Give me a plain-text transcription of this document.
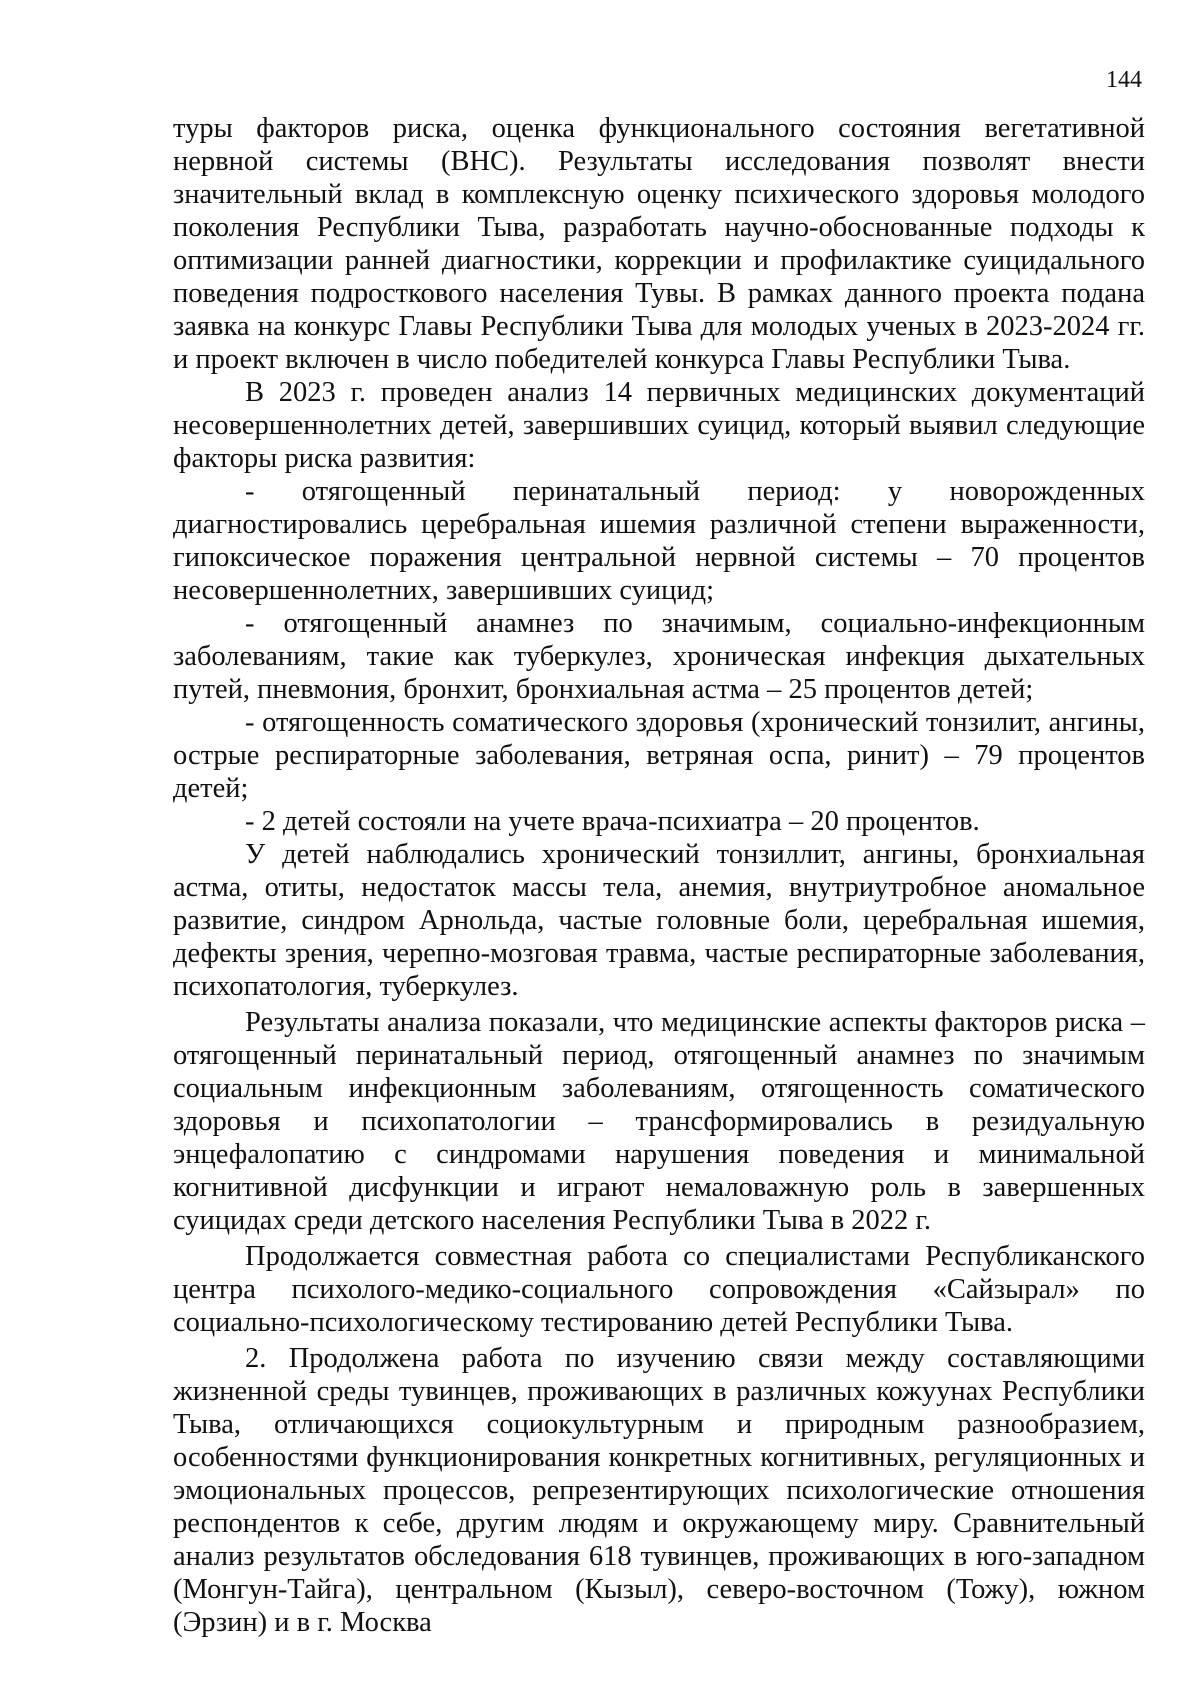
144

туры факторов риска, оценка функционального состояния вегетативной нервной системы (ВНС). Результаты исследования позволят внести значительный вклад в комплексную оценку психического здоровья молодого поколения Республики Тыва, разработать научно-обоснованные подходы к оптимизации ранней диагностики, коррекции и профилактике суицидального поведения подросткового населения Тувы. В рамках данного проекта подана заявка на конкурс Главы Республики Тыва для молодых ученых в 2023-2024 гг. и проект включен в число победителей конкурса Главы Республики Тыва.

В 2023 г. проведен анализ 14 первичных медицинских документаций несовершеннолетних детей, завершивших суицид, который выявил следующие факторы риска развития:

- отягощенный перинатальный период: у новорожденных диагностировались церебральная ишемия различной степени выраженности, гипоксическое поражения центральной нервной системы – 70 процентов несовершеннолетних, завершивших суицид;

- отягощенный анамнез по значимым, социально-инфекционным заболеваниям, такие как туберкулез, хроническая инфекция дыхательных путей, пневмония, бронхит, бронхиальная астма – 25 процентов детей;

- отягощенность соматического здоровья (хронический тонзилит, ангины, острые респираторные заболевания, ветряная оспа, ринит) – 79 процентов детей;

- 2 детей состояли на учете врача-психиатра – 20 процентов.

У детей наблюдались хронический тонзиллит, ангины, бронхиальная астма, отиты, недостаток массы тела, анемия, внутриутробное аномальное развитие, синдром Арнольда, частые головные боли, церебральная ишемия, дефекты зрения, черепно-мозговая травма, частые респираторные заболевания, психопатология, туберкулез.

Результаты анализа показали, что медицинские аспекты факторов риска – отягощенный перинатальный период, отягощенный анамнез по значимым социальным инфекционным заболеваниям, отягощенность соматического здоровья и психопатологии – трансформировались в резидуальную энцефалопатию с синдромами нарушения поведения и минимальной когнитивной дисфункции и играют немаловажную роль в завершенных суицидах среди детского населения Республики Тыва в 2022 г.

Продолжается совместная работа со специалистами Республиканского центра психолого-медико-социального сопровождения «Сайзырал» по социально-психологическому тестированию детей Республики Тыва.

2. Продолжена работа по изучению связи между составляющими жизненной среды тувинцев, проживающих в различных кожуунах Республики Тыва, отличающихся социокультурным и природным разнообразием, особенностями функционирования конкретных когнитивных, регуляционных и эмоциональных процессов, репрезентирующих психологические отношения респондентов к себе, другим людям и окружающему миру. Сравнительный анализ результатов обследования 618 тувинцев, проживающих в юго-западном (Монгун-Тайга), центральном (Кызыл), северо-восточном (Тожу), южном (Эрзин) и в г. Москва
